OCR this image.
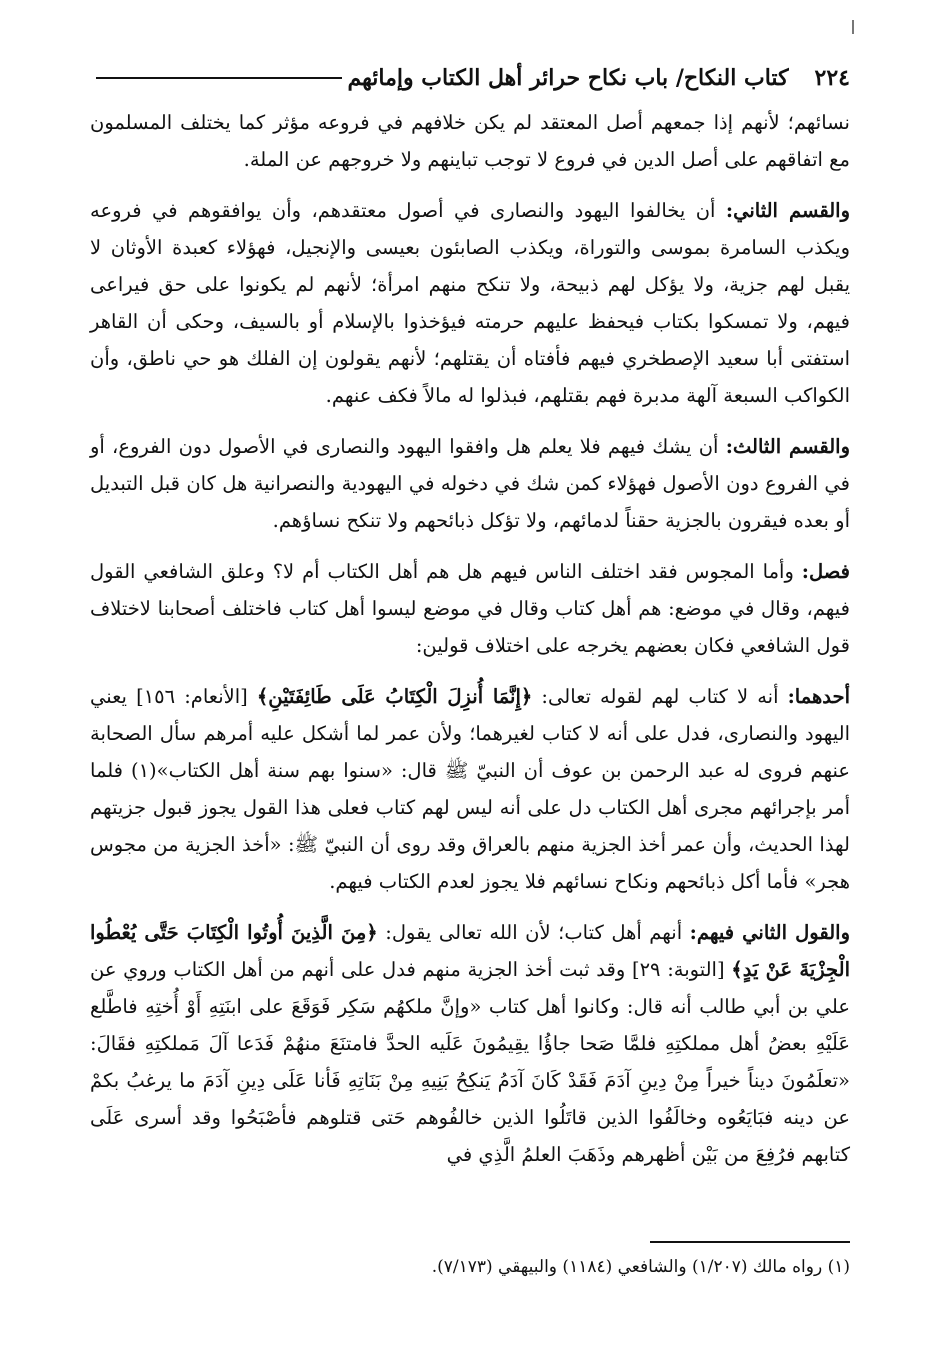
٢٢٤
كتاب النكاح/ باب نكاح حرائر أهل الكتاب وإمائهم

نسائهم؛ لأنهم إذا جمعهم أصل المعتقد لم يكن خلافهم في فروعه مؤثر كما يختلف المسلمون مع اتفاقهم على أصل الدين في فروع لا توجب تباينهم ولا خروجهم عن الملة.

والقسم الثاني: أن يخالفوا اليهود والنصارى في أصول معتقدهم، وأن يوافقوهم في فروعه ويكذب السامرة بموسى والتوراة، ويكذب الصابئون بعيسى والإنجيل، فهؤلاء كعبدة الأوثان لا يقبل لهم جزية، ولا يؤكل لهم ذبيحة، ولا تنكح منهم امرأة؛ لأنهم لم يكونوا على حق فيراعى فيهم، ولا تمسكوا بكتاب فيحفظ عليهم حرمته فيؤخذوا بالإسلام أو بالسيف، وحكى أن القاهر استفتى أبا سعيد الإصطخري فيهم فأفتاه أن يقتلهم؛ لأنهم يقولون إن الفلك هو حي ناطق، وأن الكواكب السبعة آلهة مدبرة فهم بقتلهم، فبذلوا له مالاً فكف عنهم.

والقسم الثالث: أن يشك فيهم فلا يعلم هل وافقوا اليهود والنصارى في الأصول دون الفروع، أو في الفروع دون الأصول فهؤلاء كمن شك في دخوله في اليهودية والنصرانية هل كان قبل التبديل أو بعده فيقرون بالجزية حقناً لدمائهم، ولا تؤكل ذبائحهم ولا تنكح نساؤهم.

فصل: وأما المجوس فقد اختلف الناس فيهم هل هم أهل الكتاب أم لا؟ وعلق الشافعي القول فيهم، وقال في موضع: هم أهل كتاب وقال في موضع ليسوا أهل كتاب فاختلف أصحابنا لاختلاف قول الشافعي فكان بعضهم يخرجه على اختلاف قولين:

أحدهما: أنه لا كتاب لهم لقوله تعالى: ﴿إِنَّمَا أُنزِلَ الْكِتَابُ عَلَى طَائِفَتَيْنِ﴾ [الأنعام: ١٥٦] يعني اليهود والنصارى، فدل على أنه لا كتاب لغيرهما؛ ولأن عمر لما أشكل عليه أمرهم سأل الصحابة عنهم فروى له عبد الرحمن بن عوف أن النبيّ ﷺ قال: «سنوا بهم سنة أهل الكتاب»(١) فلما أمر بإجرائهم مجرى أهل الكتاب دل على أنه ليس لهم كتاب فعلى هذا القول يجوز قبول جزيتهم لهذا الحديث، وأن عمر أخذ الجزية منهم بالعراق وقد روى أن النبيّ ﷺ: «أخذ الجزية من مجوس هجر» فأما أكل ذبائحهم ونكاح نسائهم فلا يجوز لعدم الكتاب فيهم.

والقول الثاني فيهم: أنهم أهل كتاب؛ لأن الله تعالى يقول: ﴿مِنَ الَّذِينَ أُوتُوا الْكِتَابَ حَتَّى يُعْطُوا الْجِزْيَةَ عَنْ يَدٍ﴾ [التوبة: ٢٩] وقد ثبت أخذ الجزية منهم فدل على أنهم من أهل الكتاب وروي عن علي بن أبي طالب أنه قال: وكانوا أهل كتاب «وإنَّ ملكهُم سَكِر فَوَقَعَ على ابنَتِهِ أَوْ أُختِهِ فاطَّلع عَلَيْهِ بعضُ أهل مملكتِهِ فلمَّا صَحا جاؤُا يقِيمُونَ عَلَيه الحدَّ فامتنَعَ منهُمْ فَدَعا آلَ مَملكتِهِ فقَالَ: «تعلَمُونَ ديناً خيراً مِنْ دِينِ آدَمَ فَقَدْ كَانَ آدَمُ يَنكِحُ بَنِيهِ مِنْ بَنَاتِهِ فَأنا عَلَى دِينِ آدَمَ ما يرغبُ بكمْ عن دينه فبَايَعُوه وخالَفُوا الذين قاتَلُوا الذين خالفُوهم حَتى قتلوهم فأصْبَحُوا وقد أسرى عَلَى كتابهم فرُفِعَ من بَيْن أظهرهم وذَهَبَ العلمُ الَّذِي في

(١) رواه مالك (١/٢٠٧) والشافعي (١١٨٤) والبيهقي (٧/١٧٣).
